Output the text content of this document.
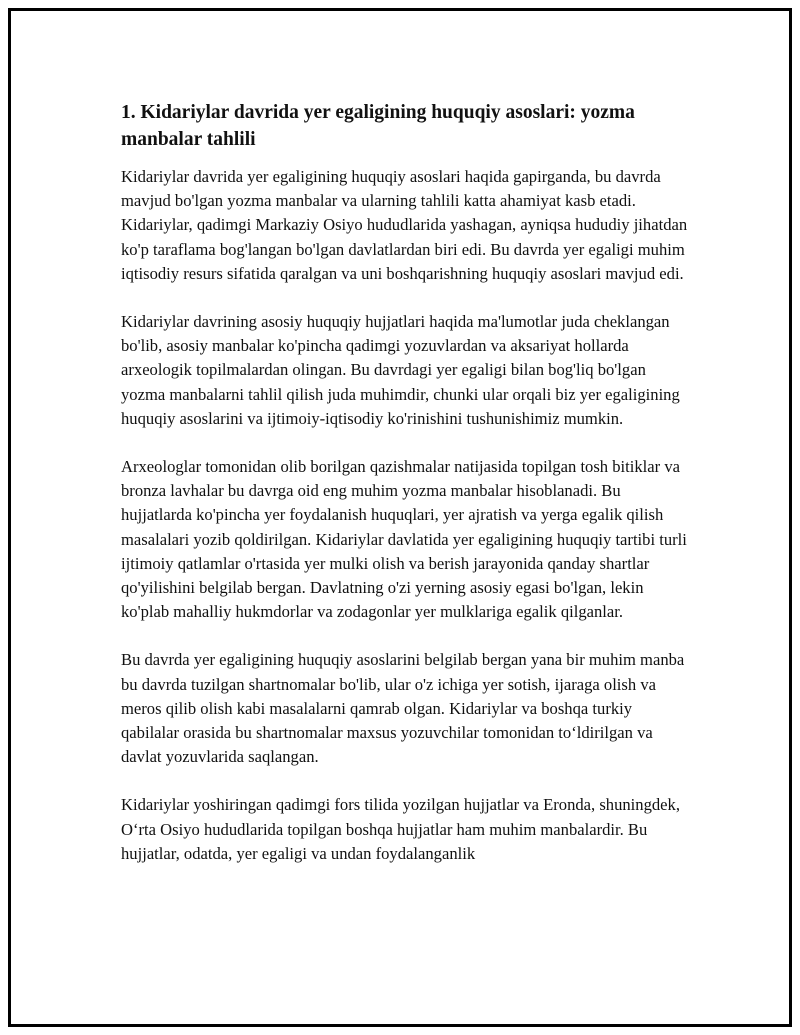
1. Kidariylar davrida yer egaligining huquqiy asoslari: yozma manbalar tahlili

Kidariylar davrida yer egaligining huquqiy asoslari haqida gapirganda, bu davrda mavjud bo'lgan yozma manbalar va ularning tahlili katta ahamiyat kasb etadi. Kidariylar, qadimgi Markaziy Osiyo hududlarida yashagan, ayniqsa hududiy jihatdan ko'p taraflama bog'langan bo'lgan davlatlardan biri edi. Bu davrda yer egaligi muhim iqtisodiy resurs sifatida qaralgan va uni boshqarishning huquqiy asoslari mavjud edi.

Kidariylar davrining asosiy huquqiy hujjatlari haqida ma'lumotlar juda cheklangan bo'lib, asosiy manbalar ko'pincha qadimgi yozuvlardan va aksariyat hollarda arxeologik topilmalardan olingan. Bu davrdagi yer egaligi bilan bog'liq bo'lgan yozma manbalarni tahlil qilish juda muhimdir, chunki ular orqali biz yer egaligining huquqiy asoslarini va ijtimoiy-iqtisodiy ko'rinishini tushunishimiz mumkin.

Arxeologlar tomonidan olib borilgan qazishmalar natijasida topilgan tosh bitiklar va bronza lavhalar bu davrga oid eng muhim yozma manbalar hisoblanadi. Bu hujjatlarda ko'pincha yer foydalanish huquqlari, yer ajratish va yerga egalik qilish masalalari yozib qoldirilgan. Kidariylar davlatida yer egaligining huquqiy tartibi turli ijtimoiy qatlamlar o'rtasida yer mulki olish va berish jarayonida qanday shartlar qo'yilishini belgilab bergan. Davlatning o'zi yerning asosiy egasi bo'lgan, lekin ko'plab mahalliy hukmdorlar va zodagonlar yer mulklariga egalik qilganlar.

Bu davrda yer egaligining huquqiy asoslarini belgilab bergan yana bir muhim manba bu davrda tuzilgan shartnomalar bo'lib, ular o'z ichiga yer sotish, ijaraga olish va meros qilib olish kabi masalalarni qamrab olgan. Kidariylar va boshqa turkiy qabilalar orasida bu shartnomalar maxsus yozuvchilar tomonidan to‘ldirilgan va davlat yozuvlarida saqlangan.

Kidariylar yoshiringan qadimgi fors tilida yozilgan hujjatlar va Eronda, shuningdek, O‘rta Osiyo hududlarida topilgan boshqa hujjatlar ham muhim manbalardir. Bu hujjatlar, odatda, yer egaligi va undan foydalanganlik
